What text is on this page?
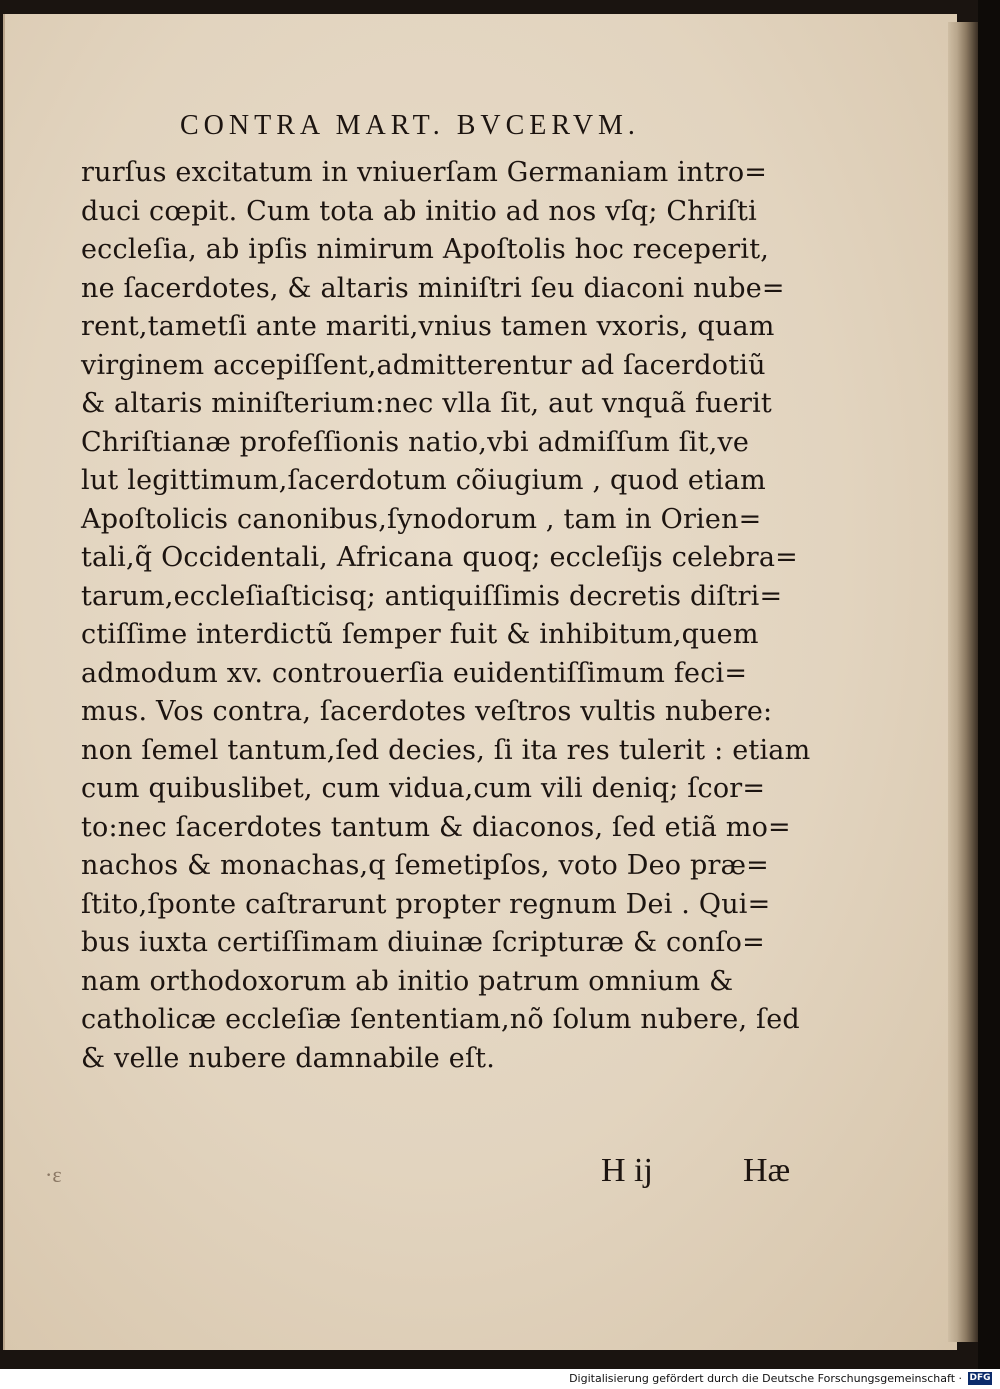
CONTRA MART. BVCERVM.
·ε
rurſus excitatum in vniuerſam Germaniam intro=
duci cœpit. Cum tota ab initio ad nos vſq; Chriſti
eccleſia, ab ipſis nimirum Apoſtolis hoc receperit,
ne ſacerdotes, & altaris miniſtri ſeu diaconi nube=
rent,tametſi ante mariti,vnius tamen vxoris, quam
virginem accepiſſent,admitterentur ad ſacerdotiũ
& altaris miniſterium:nec vlla ſit, aut vnquã fuerit
Chriſtianæ profeſſionis natio,vbi admiſſum ſit,ve
lut legittimum,ſacerdotum cõiugium , quod etiam
Apoſtolicis canonibus,ſynodorum , tam in Orien=
tali,q̃ Occidentali, Africana quoq; eccleſijs celebra=
tarum,eccleſiaſticisq; antiquiſſimis decretis diſtri=
ctiſſime interdictũ ſemper fuit & inhibitum,quem
admodum xv. controuerſia euidentiſſimum feci=
mus. Vos contra, ſacerdotes veſtros vultis nubere:
non ſemel tantum,ſed decies, ſi ita res tulerit : etiam
cum quibuslibet, cum vidua,cum vili deniq; ſcor=
to:nec ſacerdotes tantum & diaconos, ſed etiã mo=
nachos & monachas,q ſemetipſos, voto Deo præ=
ſtito,ſponte caſtrarunt propter regnum Dei . Qui=
bus iuxta certiſſimam diuinæ ſcripturæ & conſo=
nam orthodoxorum ab initio patrum omnium &
catholicæ eccleſiæ ſententiam,nõ ſolum nubere, ſed
& velle nubere damnabile eſt.
H ij	Hæ
Digitalisierung gefördert durch die Deutsche Forschungsgemeinschaft · DFG
